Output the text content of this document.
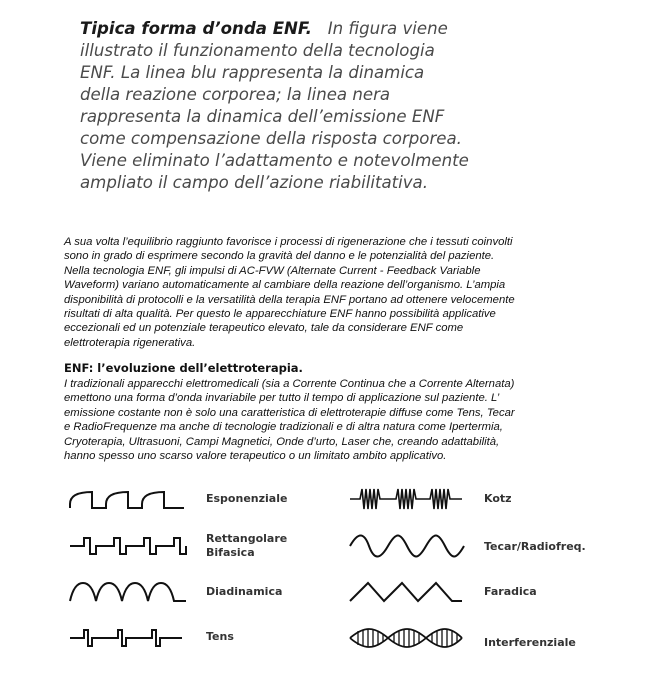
Tipica forma d’onda ENF. In figura viene
illustrato il funzionamento della tecnologia
ENF. La linea blu rappresenta la dinamica
della reazione corporea; la linea nera
rappresenta la dinamica dell’emissione ENF
come compensazione della risposta corporea.
Viene eliminato l’adattamento e notevolmente
ampliato il campo dell’azione riabilitativa.
A sua volta l’equilibrio raggiunto favorisce i processi di rigenerazione che i tessuti coinvolti
sono in grado di esprimere secondo la gravità del danno e le potenzialità del paziente.
Nella tecnologia ENF, gli impulsi di AC-FVW (Alternate Current - Feedback Variable
Waveform) variano automaticamente al cambiare della reazione dell’organismo. L’ampia
disponibilità di protocolli e la versatilità della terapia ENF portano ad ottenere velocemente
risultati di alta qualità. Per questo le apparecchiature ENF hanno possibilità applicative
eccezionali ed un potenziale terapeutico elevato, tale da considerare ENF come
elettroterapia rigenerativa.
ENF: l’evoluzione dell’elettroterapia.
I tradizionali apparecchi elettromedicali (sia a Corrente Continua che a Corrente Alternata)
emettono una forma d’onda invariabile per tutto il tempo di applicazione sul paziente. L’
emissione costante non è solo una caratteristica di elettroterapie diffuse come Tens, Tecar
e RadioFrequenze ma anche di tecnologie tradizionali e di altra natura come Ipertermia,
Cryoterapia, Ultrasuoni, Campi Magnetici, Onde d’urto, Laser che, creando adattabilità,
hanno spesso uno scarso valore terapeutico o un limitato ambito applicativo.
Esponenziale	Kotz
Rettangolare
Bifasica	Tecar/Radiofreq.
Diadinamica	Faradica
Tens	Interferenziale
